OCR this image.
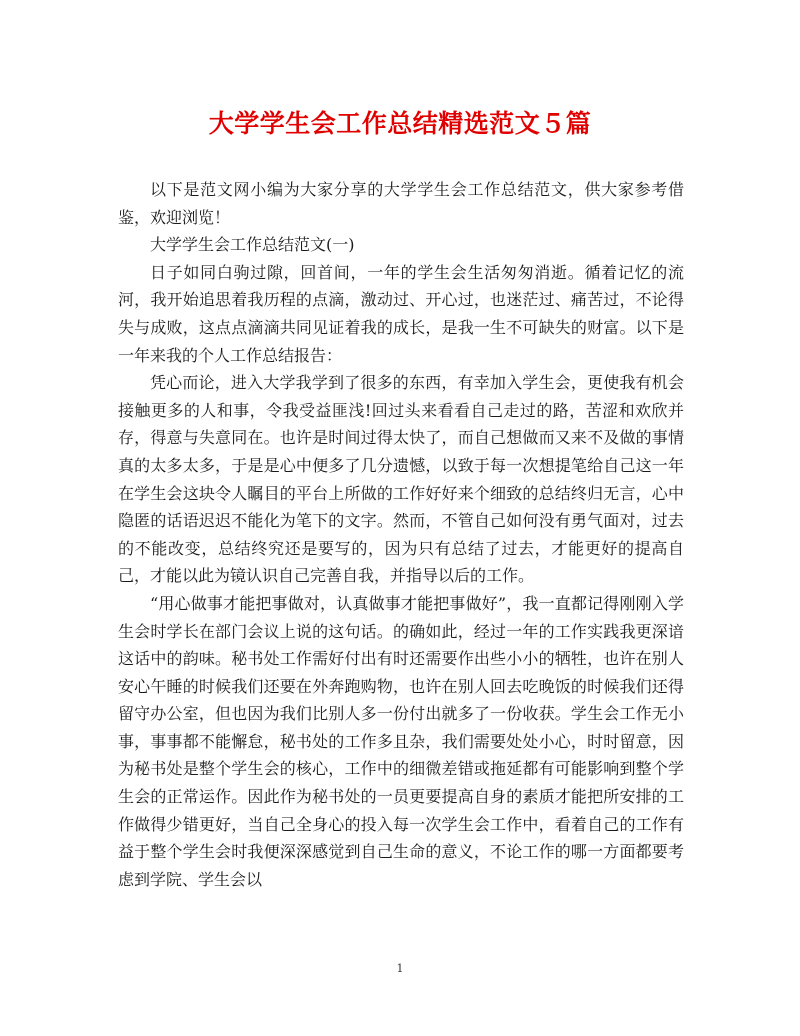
大学学生会工作总结精选范文５篇

以下是范文网小编为大家分享的大学学生会工作总结范文，供大家参考借鉴，欢迎浏览！

大学学生会工作总结范文(一)

日子如同白驹过隙，回首间，一年的学生会生活匆匆消逝。循着记忆的流河，我开始追思着我历程的点滴，激动过、开心过，也迷茫过、痛苦过，不论得失与成败，这点点滴滴共同见证着我的成长，是我一生不可缺失的财富。以下是一年来我的个人工作总结报告：

凭心而论，进入大学我学到了很多的东西，有幸加入学生会，更使我有机会接触更多的人和事，令我受益匪浅!回过头来看看自己走过的路，苦涩和欢欣并存，得意与失意同在。也许是时间过得太快了，而自己想做而又来不及做的事情真的太多太多，于是是心中便多了几分遗憾，以致于每一次想提笔给自己这一年在学生会这块令人瞩目的平台上所做的工作好好来个细致的总结终归无言，心中隐匿的话语迟迟不能化为笔下的文字。然而，不管自己如何没有勇气面对，过去的不能改变，总结终究还是要写的，因为只有总结了过去，才能更好的提高自己，才能以此为镜认识自己完善自我，并指导以后的工作。

“用心做事才能把事做对，认真做事才能把事做好”，我一直都记得刚刚入学生会时学长在部门会议上说的这句话。的确如此，经过一年的工作实践我更深谙这话中的韵味。秘书处工作需好付出有时还需要作出些小小的牺牲，也许在别人安心午睡的时候我们还要在外奔跑购物，也许在别人回去吃晚饭的时候我们还得留守办公室，但也因为我们比别人多一份付出就多了一份收获。学生会工作无小事，事事都不能懈怠，秘书处的工作多且杂，我们需要处处小心，时时留意，因为秘书处是整个学生会的核心，工作中的细微差错或拖延都有可能影响到整个学生会的正常运作。因此作为秘书处的一员更要提高自身的素质才能把所安排的工作做得少错更好，当自己全身心的投入每一次学生会工作中，看着自己的工作有益于整个学生会时我便深深感觉到自己生命的意义，不论工作的哪一方面都要考虑到学院、学生会以

1
